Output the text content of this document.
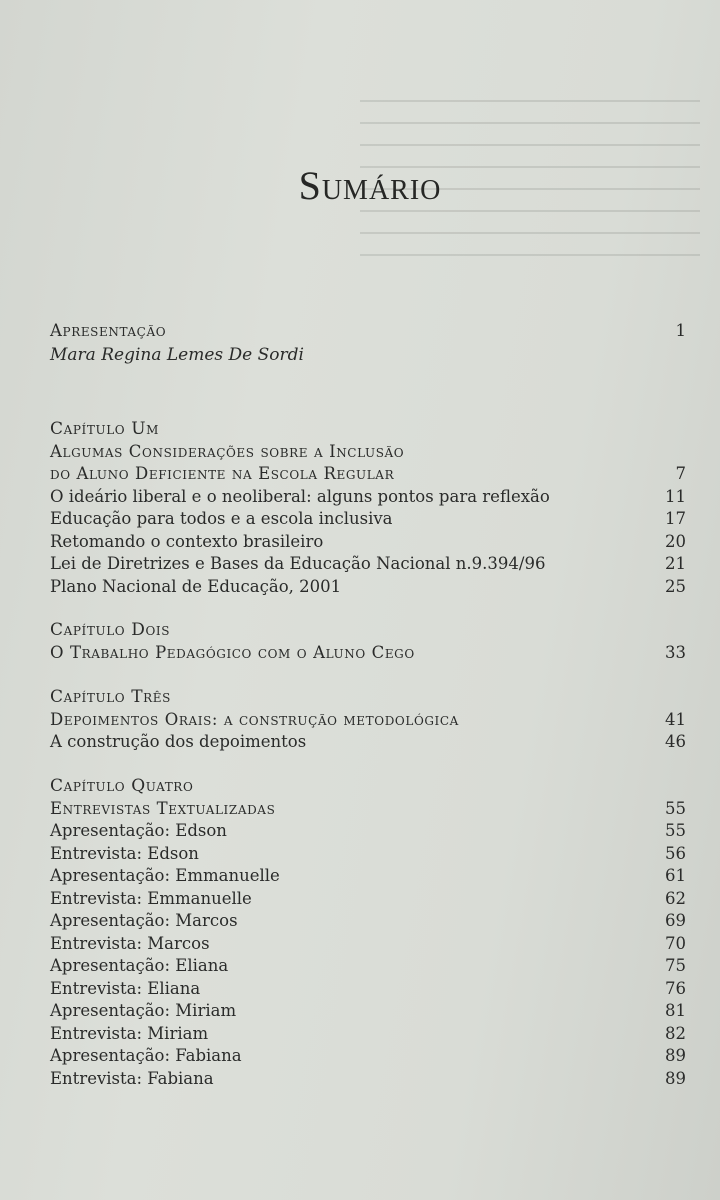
Sumário
Apresentação	1
Mara Regina Lemes De Sordi
Capítulo Um
Algumas Considerações sobre a Inclusão
do Aluno Deficiente na Escola Regular	7
O ideário liberal e o neoliberal: alguns pontos para reflexão	11
Educação para todos e a escola inclusiva	17
Retomando o contexto brasileiro	20
Lei de Diretrizes e Bases da Educação Nacional n.9.394/96	21
Plano Nacional de Educação, 2001	25
Capítulo Dois
O Trabalho Pedagógico com o Aluno Cego	33
Capítulo Três
Depoimentos Orais: a construção metodológica	41
A construção dos depoimentos	46
Capítulo Quatro
Entrevistas Textualizadas	55
Apresentação: Edson	55
Entrevista: Edson	56
Apresentação: Emmanuelle	61
Entrevista: Emmanuelle	62
Apresentação: Marcos	69
Entrevista: Marcos	70
Apresentação: Eliana	75
Entrevista: Eliana	76
Apresentação: Miriam	81
Entrevista: Miriam	82
Apresentação: Fabiana	89
Entrevista: Fabiana	89
